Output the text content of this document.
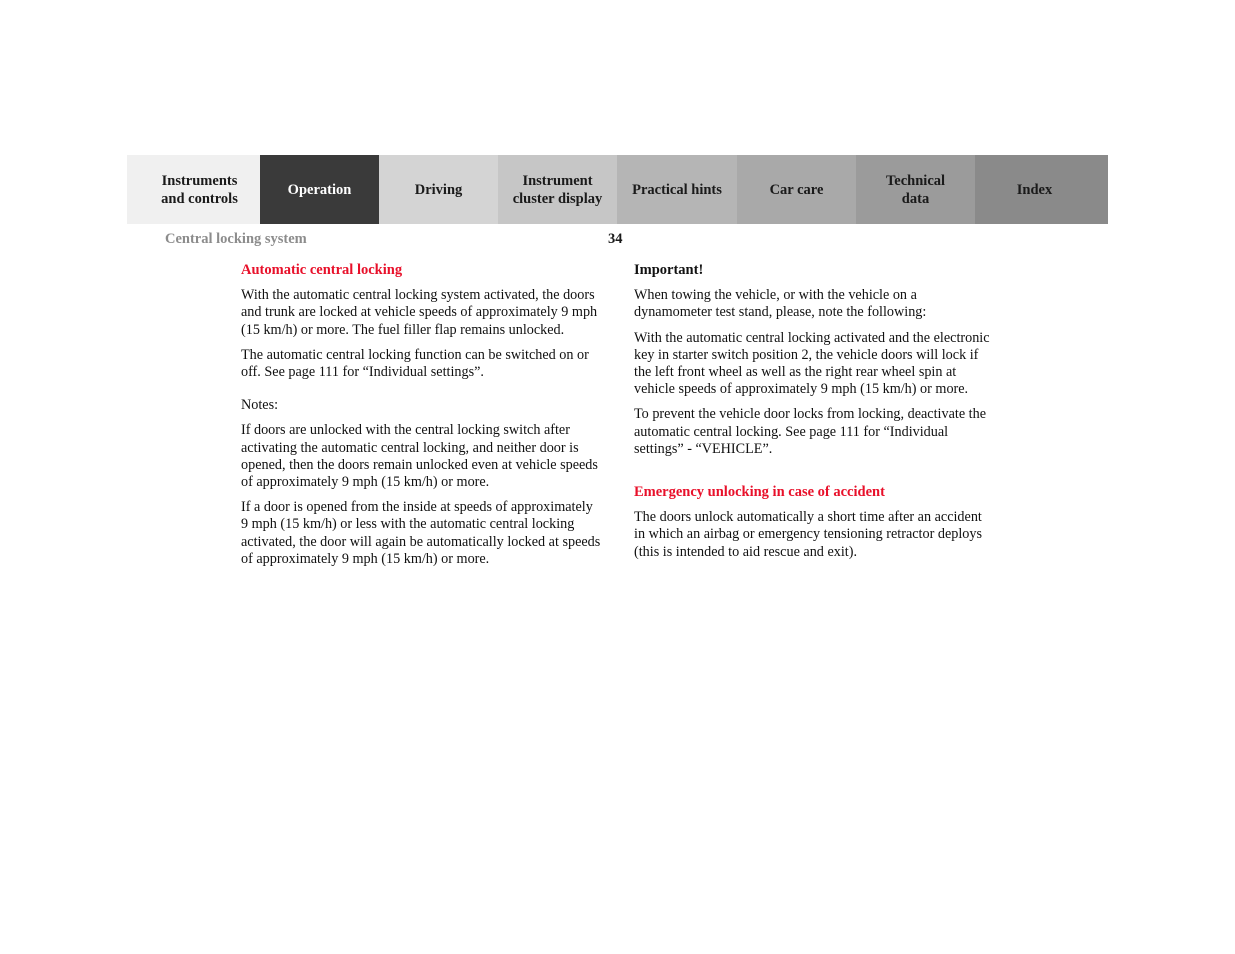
Instruments
and controls
Operation	Driving
Instrument
cluster display
Practical hints	Car care
Technical
data
Index
Central locking system	34
Automatic central locking

With the automatic central locking system activated, the doors and trunk are locked at vehicle speeds of approximately 9 mph (15 km/h) or more. The fuel filler flap remains unlocked.

The automatic central locking function can be switched on or off. See page 111 for “Individual settings”.

Notes:

If doors are unlocked with the central locking switch after activating the automatic central locking, and neither door is opened, then the doors remain unlocked even at vehicle speeds of approximately 9 mph (15 km/h) or more.

If a door is opened from the inside at speeds of approximately 9 mph (15 km/h) or less with the automatic central locking activated, the door will again be automatically locked at speeds of approximately 9 mph (15 km/h) or more.

Important!

When towing the vehicle, or with the vehicle on a dynamometer test stand, please, note the following:

With the automatic central locking activated and the electronic key in starter switch position 2, the vehicle doors will lock if the left front wheel as well as the right rear wheel spin at vehicle speeds of approximately 9 mph (15 km/h) or more.

To prevent the vehicle door locks from locking, deactivate the automatic central locking. See page 111 for “Individual settings” - “VEHICLE”.

Emergency unlocking in case of accident

The doors unlock automatically a short time after an accident in which an airbag or emergency tensioning retractor deploys (this is intended to aid rescue and exit).
